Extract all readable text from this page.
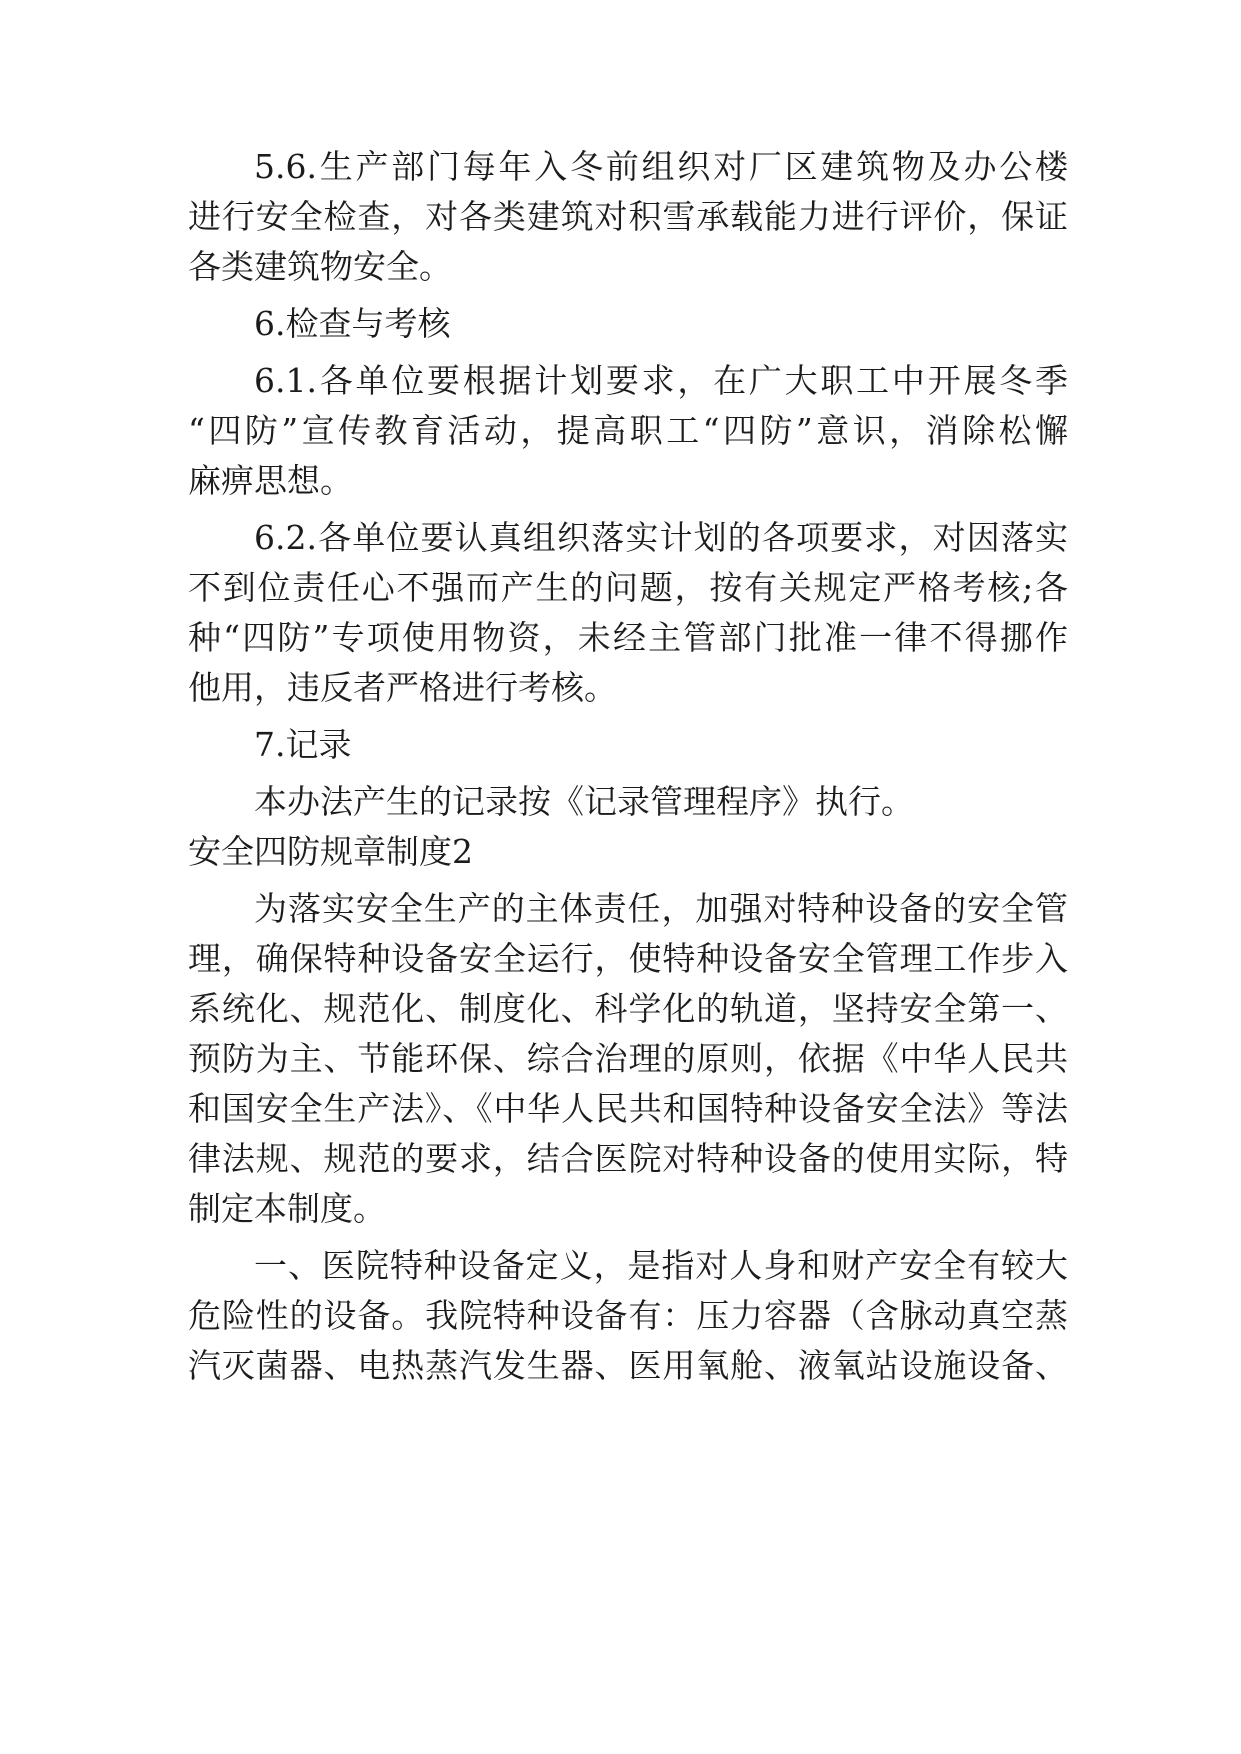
5.6.生产部门每年入冬前组织对厂区建筑物及办公楼
进行安全检查，对各类建筑对积雪承载能力进行评价，保证
各类建筑物安全。
6.检查与考核
6.1.各单位要根据计划要求，在广大职工中开展冬季
“四防”宣传教育活动，提高职工“四防”意识，消除松懈
麻痹思想。
6.2.各单位要认真组织落实计划的各项要求，对因落实
不到位责任心不强而产生的问题，按有关规定严格考核;各
种“四防”专项使用物资，未经主管部门批准一律不得挪作
他用，违反者严格进行考核。
7.记录
本办法产生的记录按《记录管理程序》执行。
安全四防规章制度2
为落实安全生产的主体责任，加强对特种设备的安全管
理，确保特种设备安全运行，使特种设备安全管理工作步入
系统化、规范化、制度化、科学化的轨道，坚持安全第一、
预防为主、节能环保、综合治理的原则，依据《中华人民共
和国安全生产法》、《中华人民共和国特种设备安全法》等法
律法规、规范的要求，结合医院对特种设备的使用实际，特
制定本制度。
一、医院特种设备定义，是指对人身和财产安全有较大
危险性的设备。我院特种设备有：压力容器（含脉动真空蒸
汽灭菌器、电热蒸汽发生器、医用氧舱、液氧站设施设备、
